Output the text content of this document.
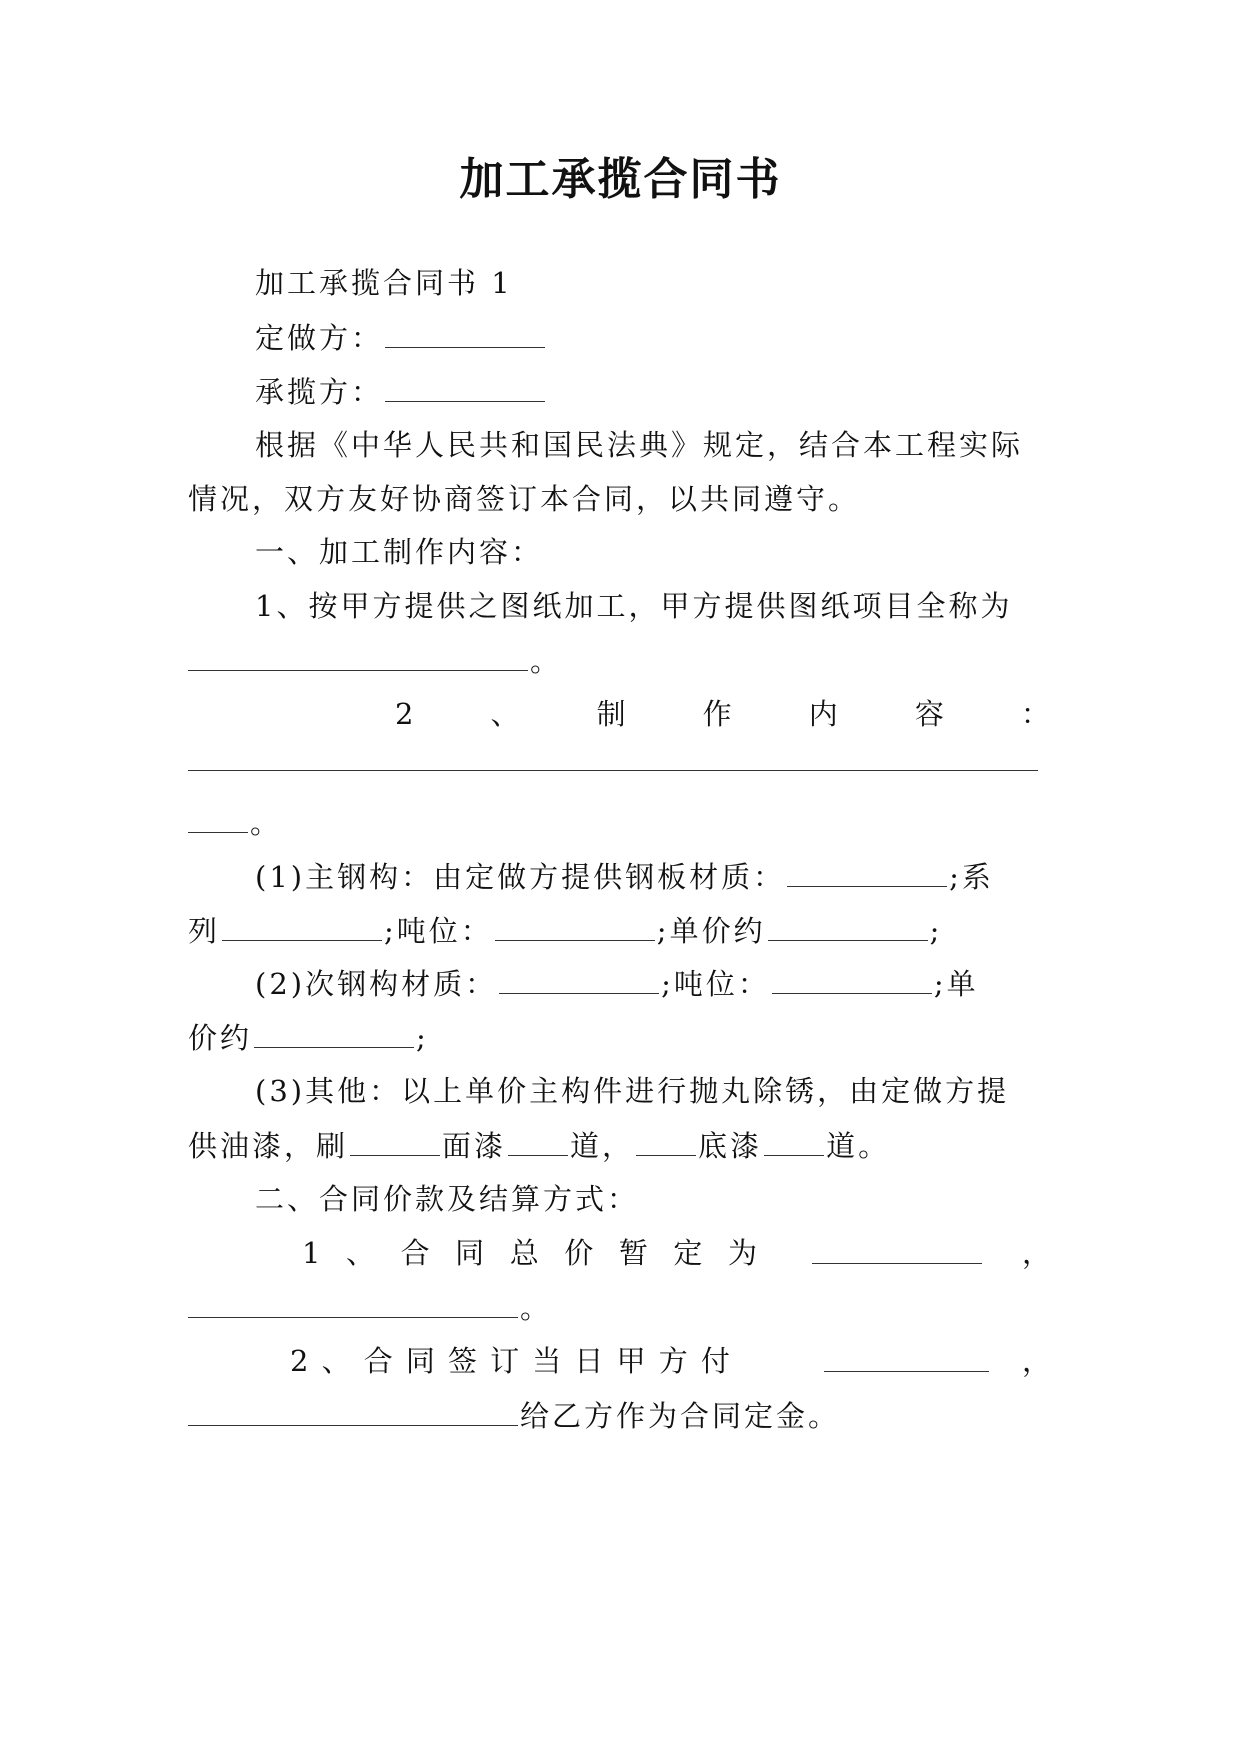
加工承揽合同书
加工承揽合同书 1
定做方：
承揽方：
根据《中华人民共和国民法典》规定，结合本工程实际
情况，双方友好协商签订本合同，以共同遵守。
一、加工制作内容：
1、按甲方提供之图纸加工，甲方提供图纸项目全称为
。
2	、	制	作	内	容	：
。
(1)主钢构：由定做方提供钢板材质：	;系
列	;吨位：	;单价约	;
(2)次钢构材质：	;吨位：	;单
价约	;
(3)其他：以上单价主构件进行抛丸除锈，由定做方提
供油漆，刷	面漆 道， 底漆 道。
二、合同价款及结算方式：
1 、 合 同 总 价 暂 定 为	，
。
2 、 合 同 签 订 当 日 甲 方 付	，
给乙方作为合同定金。
